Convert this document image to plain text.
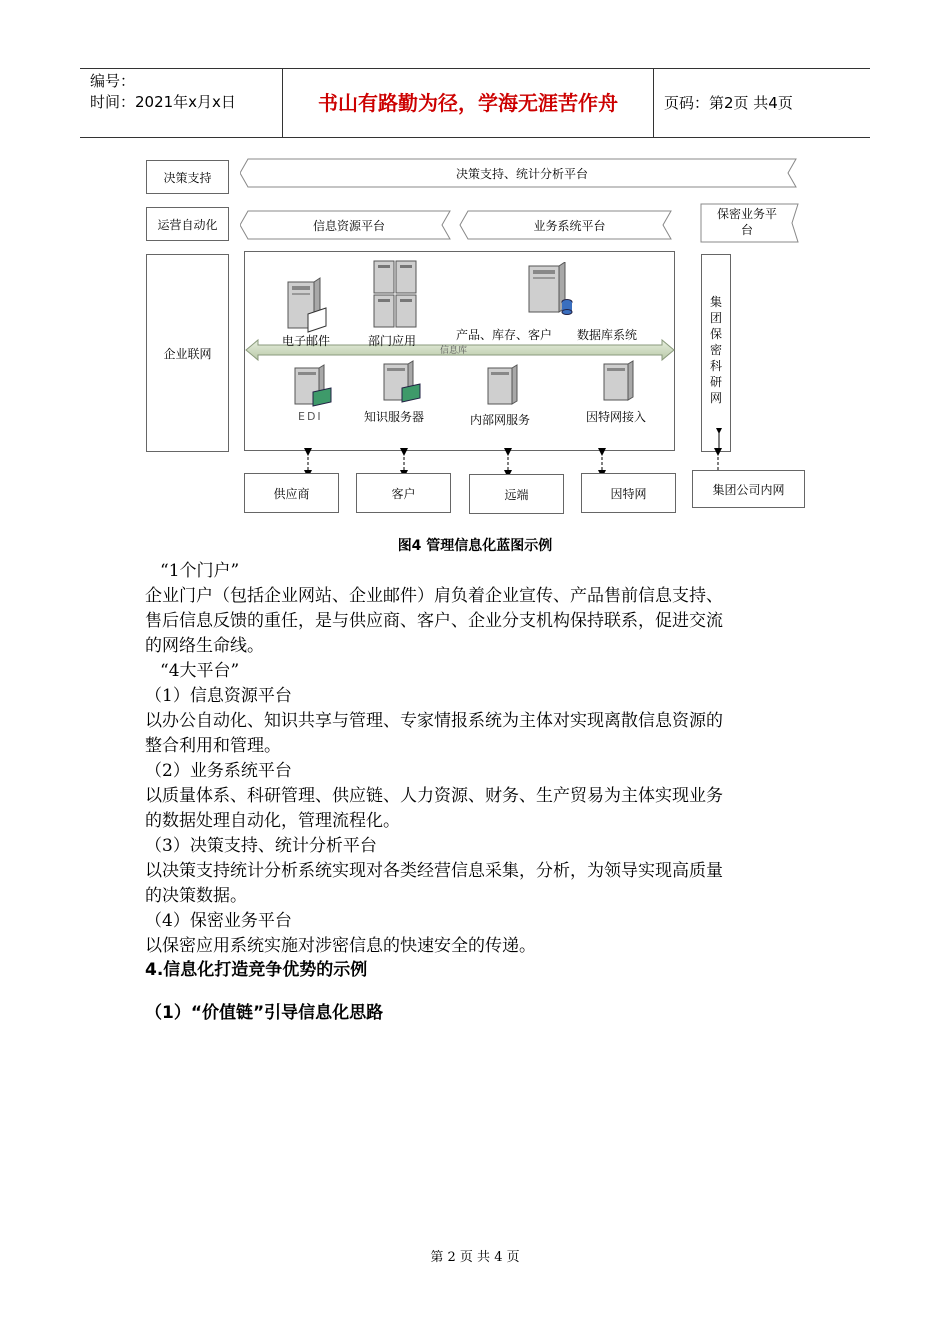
编号：
时间：2021年x月x日	书山有路勤为径，学海无涯苦作舟	页码：第2页 共4页
决策支持
运营自动化
企业联网
决策支持、统计分析平台
信息资源平台	业务系统平台
保密业务平台
信息库
电子邮件	部门应用	产品、库存、客户 数据库系统
EDI	知识服务器	内部网服务	因特网接入
集团保密科研网
供应商	客户	远端	因特网	集团公司内网
图4 管理信息化蓝图示例
“1个门户”
企业门户（包括企业网站、企业邮件）肩负着企业宣传、产品售前信息支持、
售后信息反馈的重任，是与供应商、客户、企业分支机构保持联系，促进交流
的网络生命线。
“4大平台”
（1）信息资源平台
以办公自动化、知识共享与管理、专家情报系统为主体对实现离散信息资源的
整合利用和管理。
（2）业务系统平台
以质量体系、科研管理、供应链、人力资源、财务、生产贸易为主体实现业务
的数据处理自动化，管理流程化。
（3）决策支持、统计分析平台
以决策支持统计分析系统实现对各类经营信息采集，分析，为领导实现高质量
的决策数据。
（4）保密业务平台
以保密应用系统实施对涉密信息的快速安全的传递。
4.信息化打造竞争优势的示例
（1）“价值链”引导信息化思路
第 2 页 共 4 页
